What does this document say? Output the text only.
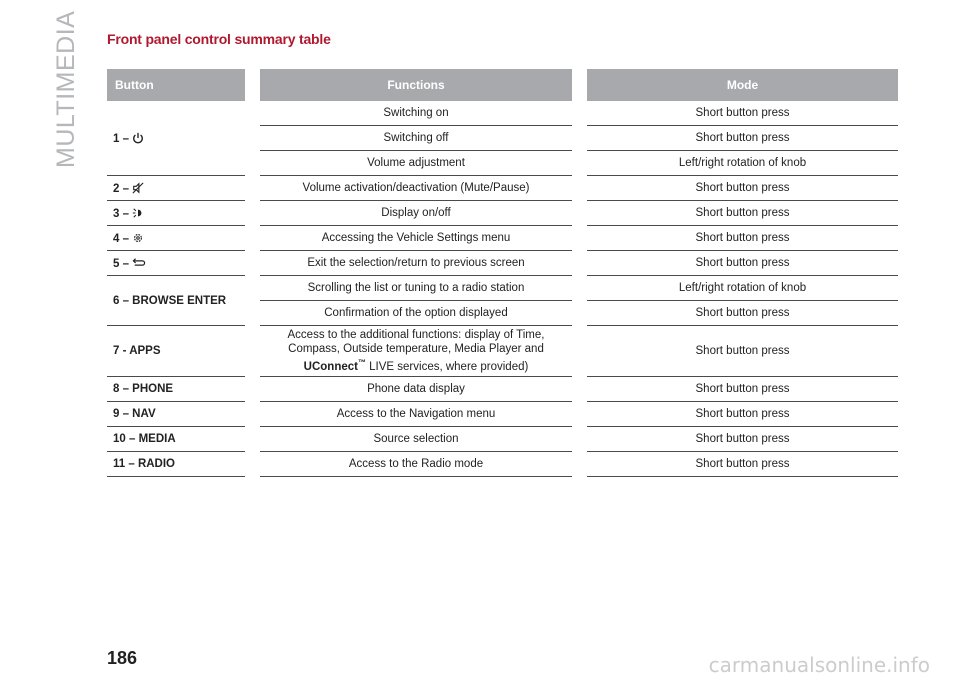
MULTIMEDIA Front panel control summary table
Button		Functions		Mode
1 –		Switching on		Short button press
		Switching off		Short button press
		Volume adjustment		Left/right rotation of knob
2 –		Volume activation/deactivation (Mute/Pause)		Short button press
3 –		Display on/off		Short button press
4 –		Accessing the Vehicle Settings menu		Short button press
5 –		Exit the selection/return to previous screen		Short button press
6 – BROWSE ENTER		Scrolling the list or tuning to a radio station		Left/right rotation of knob
		Confirmation of the option displayed		Short button press
7 - APPS		Access to the additional functions: display of Time,
Compass, Outside temperature, Media Player and
UConnect™ LIVE services, where provided)		Short button press
8 – PHONE		Phone data display		Short button press
9 – NAV		Access to the Navigation menu		Short button press
10 – MEDIA		Source selection		Short button press
11 – RADIO		Access to the Radio mode		Short button press
186	carmanualsonline.info
